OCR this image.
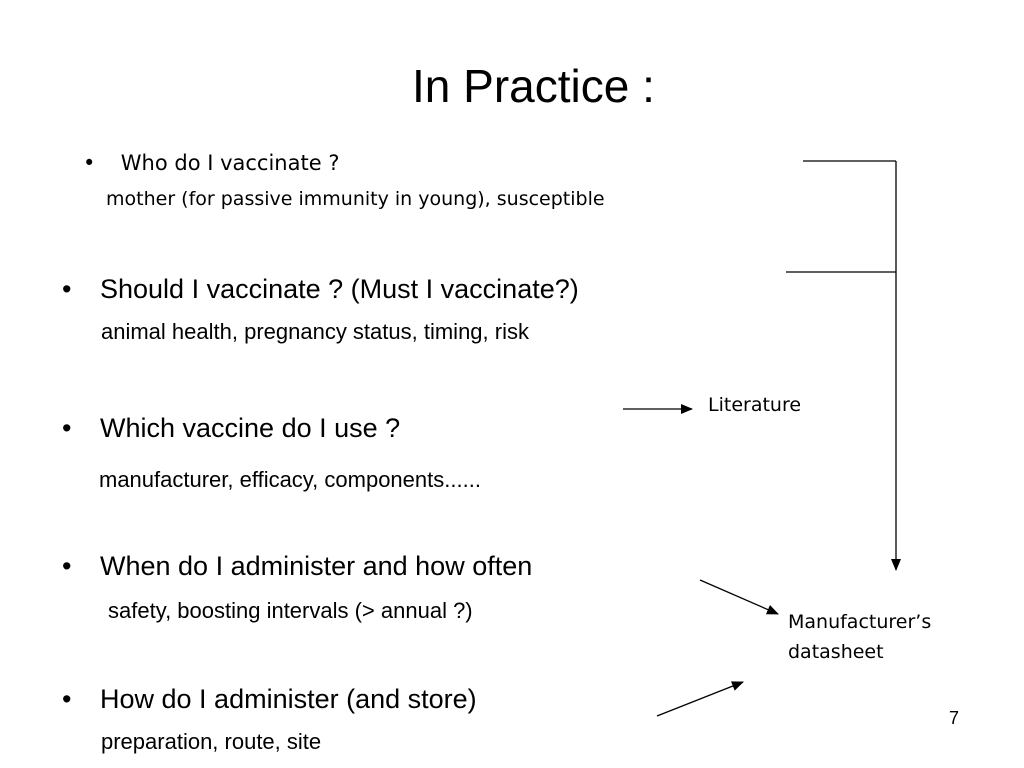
In Practice :
• Who do I vaccinate ?
mother (for passive immunity in young), susceptible
• Should I vaccinate ? (Must I vaccinate?)
animal health, pregnancy status, timing, risk
• Which vaccine do I use ?
manufacturer, efficacy, components......
• When do I administer and how often
safety, boosting intervals (> annual ?)
• How do I administer (and store)
preparation, route, site
Literature
Manufacturer’s
datasheet
7
